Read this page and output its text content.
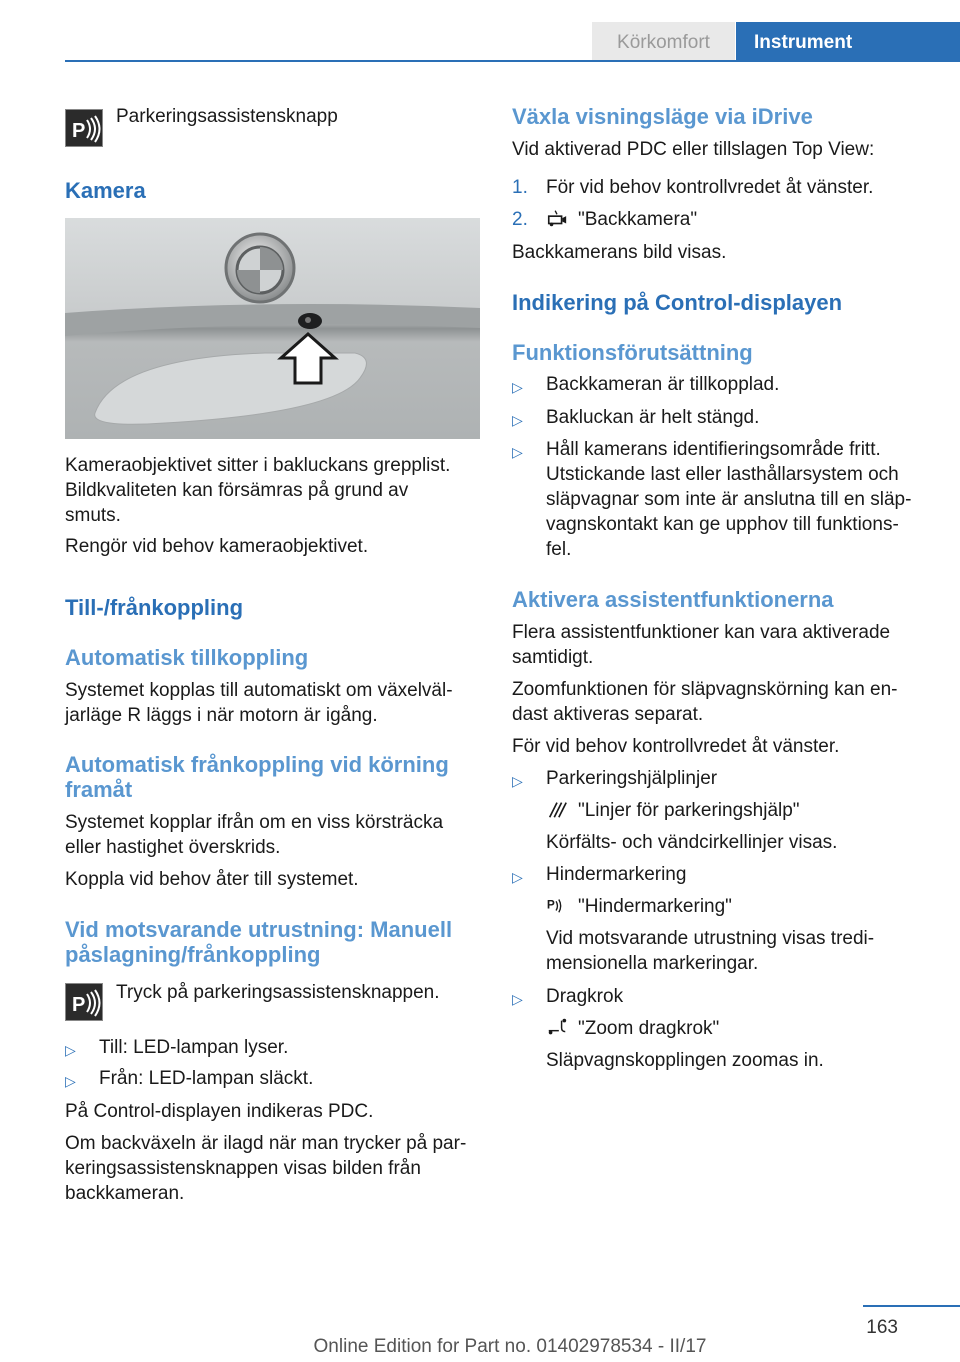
Körkomfort	Instrument
P
Parkeringsassistensknapp
Kamera
Kameraobjektivet sitter i bakluckans grepplist.
Bildkvaliteten kan försämras på grund av
smuts.
Rengör vid behov kameraobjektivet.
Till-/frånkoppling
Automatisk tillkoppling
Systemet kopplas till automatiskt om växelväl-
jarläge R läggs i när motorn är igång.
Automatisk frånkoppling vid körning
framåt
Systemet kopplar ifrån om en viss körsträcka
eller hastighet överskrids.
Koppla vid behov åter till systemet.
Vid motsvarande utrustning: Manuell
påslagning/frånkoppling
P
Tryck på parkeringsassistensknappen.
▷ Till: LED-lampan lyser.
▷ Från: LED-lampan släckt.
På Control-displayen indikeras PDC.
Om backväxeln är ilagd när man trycker på par-
keringsassistensknappen visas bilden från
backkameran.
Växla visningsläge via iDrive
Vid aktiverad PDC eller tillslagen Top View:
1. För vid behov kontrollvredet åt vänster.
2.	"Backkamera"
Backkamerans bild visas.
Indikering på Control-displayen
Funktionsförutsättning
▷ Backkameran är tillkopplad.
▷ Bakluckan är helt stängd.
▷ Håll kamerans identifieringsområde fritt.
Utstickande last eller lasthållarsystem och
släpvagnar som inte är anslutna till en släp-
vagnskontakt kan ge upphov till funktions-
fel.
Aktivera assistentfunktionerna
Flera assistentfunktioner kan vara aktiverade
samtidigt.
Zoomfunktionen för släpvagnskörning kan en-
dast aktiveras separat.
För vid behov kontrollvredet åt vänster.
▷ Parkeringshjälplinjer
"Linjer för parkeringshjälp"
Körfälts- och vändcirkellinjer visas.
▷ Hindermarkering
P "Hindermarkering"
Vid motsvarande utrustning visas tredi-
mensionella markeringar.
▷ Dragkrok
"Zoom dragkrok"
Släpvagnskopplingen zoomas in.
163
Online Edition for Part no. 01402978534 - II/17
